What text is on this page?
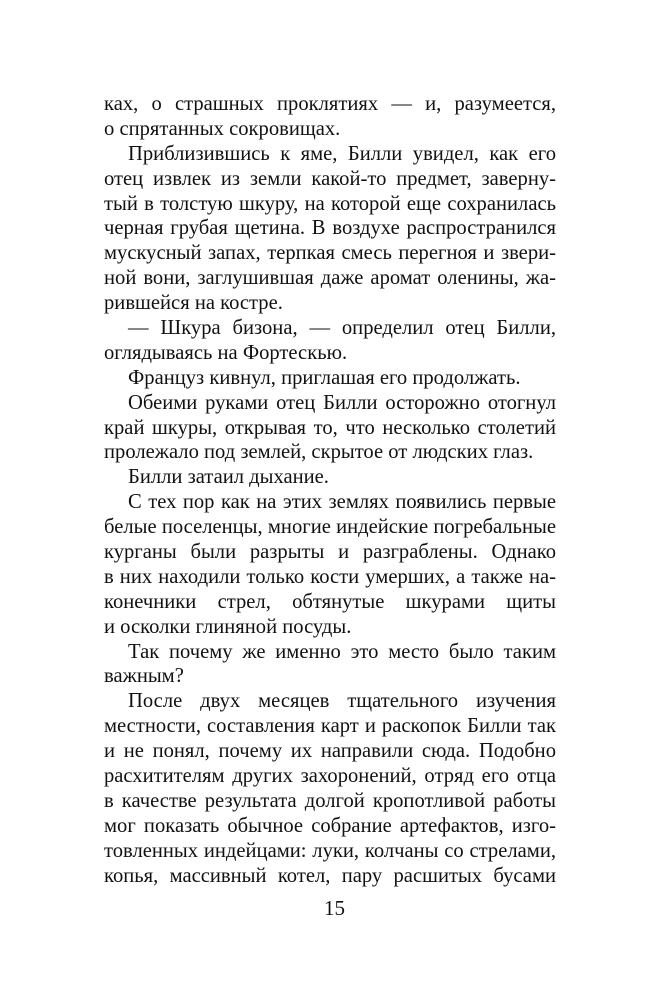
ках, о страшных проклятиях — и, разумеется,
о спрятанных сокровищах.
Приблизившись к яме, Билли увидел, как его
отец извлек из земли какой-то предмет, заверну-
тый в толстую шкуру, на которой еще сохранилась
черная грубая щетина. В воздухе распространился
мускусный запах, терпкая смесь перегноя и звери-
ной вони, заглушившая даже аромат оленины, жа-
рившейся на костре.
— Шкура бизона, — определил отец Билли,
оглядываясь на Фортескью.
Француз кивнул, приглашая его продолжать.
Обеими руками отец Билли осторожно отогнул
край шкуры, открывая то, что несколько столетий
пролежало под землей, скрытое от людских глаз.
Билли затаил дыхание.
С тех пор как на этих землях появились первые
белые поселенцы, многие индейские погребальные
курганы были разрыты и разграблены. Однако
в них находили только кости умерших, а также на-
конечники стрел, обтянутые шкурами щиты
и осколки глиняной посуды.
Так почему же именно это место было таким
важным?
После двух месяцев тщательного изучения
местности, составления карт и раскопок Билли так
и не понял, почему их направили сюда. Подобно
расхитителям других захоронений, отряд его отца
в качестве результата долгой кропотливой работы
мог показать обычное собрание артефактов, изго-
товленных индейцами: луки, колчаны со стрелами,
копья, массивный котел, пару расшитых бусами
15
